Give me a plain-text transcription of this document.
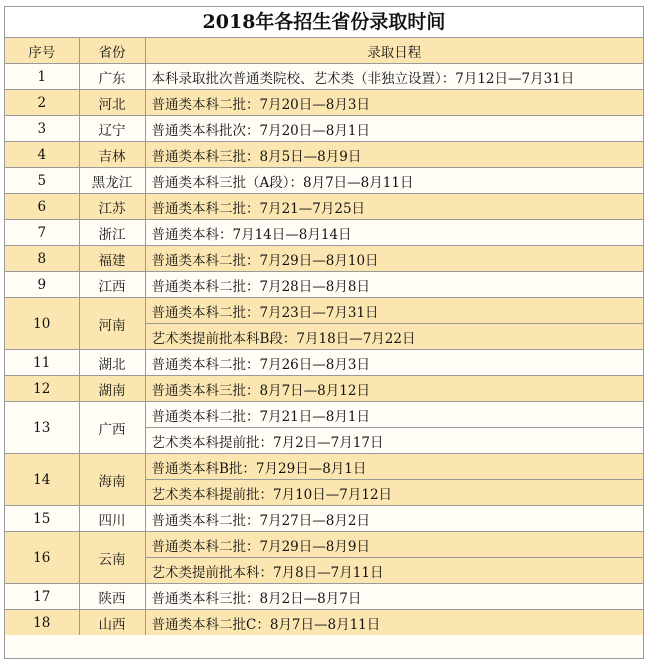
2018年各招生省份录取时间
序号	省份	录取日程
1	广东	本科录取批次普通类院校、艺术类（非独立设置）：7月12日—7月31日
2	河北	普通类本科二批：7月20日—8月3日
3	辽宁	普通类本科批次：7月20日—8月1日
4	吉林	普通类本科三批：8月5日—8月9日
5	黑龙江	普通类本科三批（A段）：8月7日—8月11日
6	江苏	普通类本科二批：7月21—7月25日
7	浙江	普通类本科：7月14日—8月14日
8	福建	普通类本科二批：7月29日—8月10日
9	江西	普通类本科二批：7月28日—8月8日
10	河南	普通类本科二批：7月23日—7月31日
		艺术类提前批本科B段：7月18日—7月22日
11	湖北	普通类本科二批：7月26日—8月3日
12	湖南	普通类本科三批：8月7日—8月12日
13	广西	普通类本科二批：7月21日—8月1日
		艺术类本科提前批：7月2日—7月17日
14	海南	普通类本科B批：7月29日—8月1日
		艺术类本科提前批：7月10日—7月12日
15	四川	普通类本科二批：7月27日—8月2日
16	云南	普通类本科二批：7月29日—8月9日
		艺术类提前批本科：7月8日—7月11日
17	陕西	普通类本科三批：8月2日—8月7日
18	山西	普通类本科二批C：8月7日—8月11日
